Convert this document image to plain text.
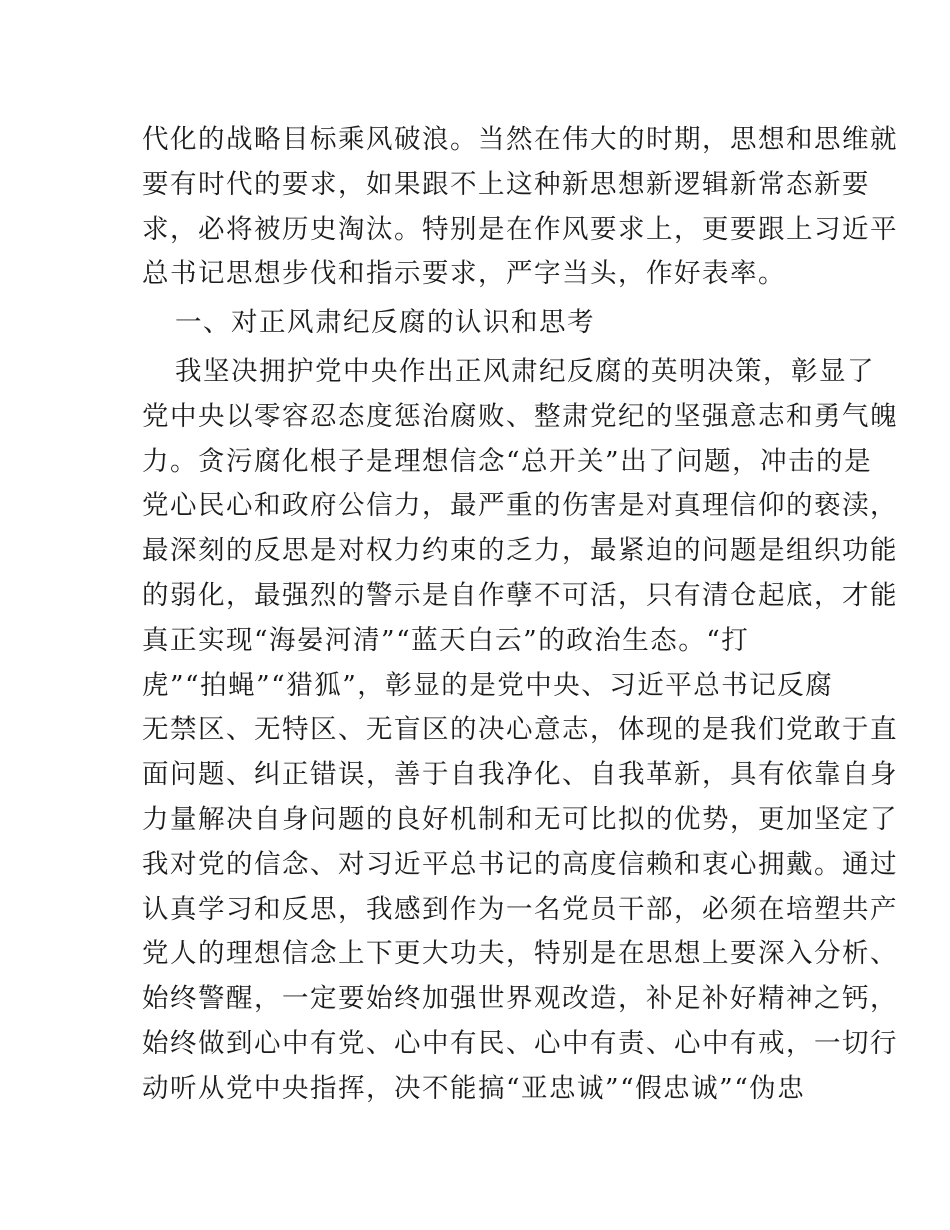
代化的战略目标乘风破浪。当然在伟大的时期，思想和思维就
要有时代的要求，如果跟不上这种新思想新逻辑新常态新要
求，必将被历史淘汰。特别是在作风要求上，更要跟上习近平
总书记思想步伐和指示要求，严字当头，作好表率。
一、对正风肃纪反腐的认识和思考
我坚决拥护党中央作出正风肃纪反腐的英明决策，彰显了
党中央以零容忍态度惩治腐败、整肃党纪的坚强意志和勇气魄
力。贪污腐化根子是理想信念“总开关”出了问题，冲击的是
党心民心和政府公信力，最严重的伤害是对真理信仰的亵渎，
最深刻的反思是对权力约束的乏力，最紧迫的问题是组织功能
的弱化，最强烈的警示是自作孽不可活，只有清仓起底，才能
真正实现“海晏河清”“蓝天白云”的政治生态。“打
虎”“拍蝇”“猎狐”，彰显的是党中央、习近平总书记反腐
无禁区、无特区、无盲区的决心意志，体现的是我们党敢于直
面问题、纠正错误，善于自我净化、自我革新，具有依靠自身
力量解决自身问题的良好机制和无可比拟的优势，更加坚定了
我对党的信念、对习近平总书记的高度信赖和衷心拥戴。通过
认真学习和反思，我感到作为一名党员干部，必须在培塑共产
党人的理想信念上下更大功夫，特别是在思想上要深入分析、
始终警醒，一定要始终加强世界观改造，补足补好精神之钙，
始终做到心中有党、心中有民、心中有责、心中有戒，一切行
动听从党中央指挥，决不能搞“亚忠诚”“假忠诚”“伪忠
